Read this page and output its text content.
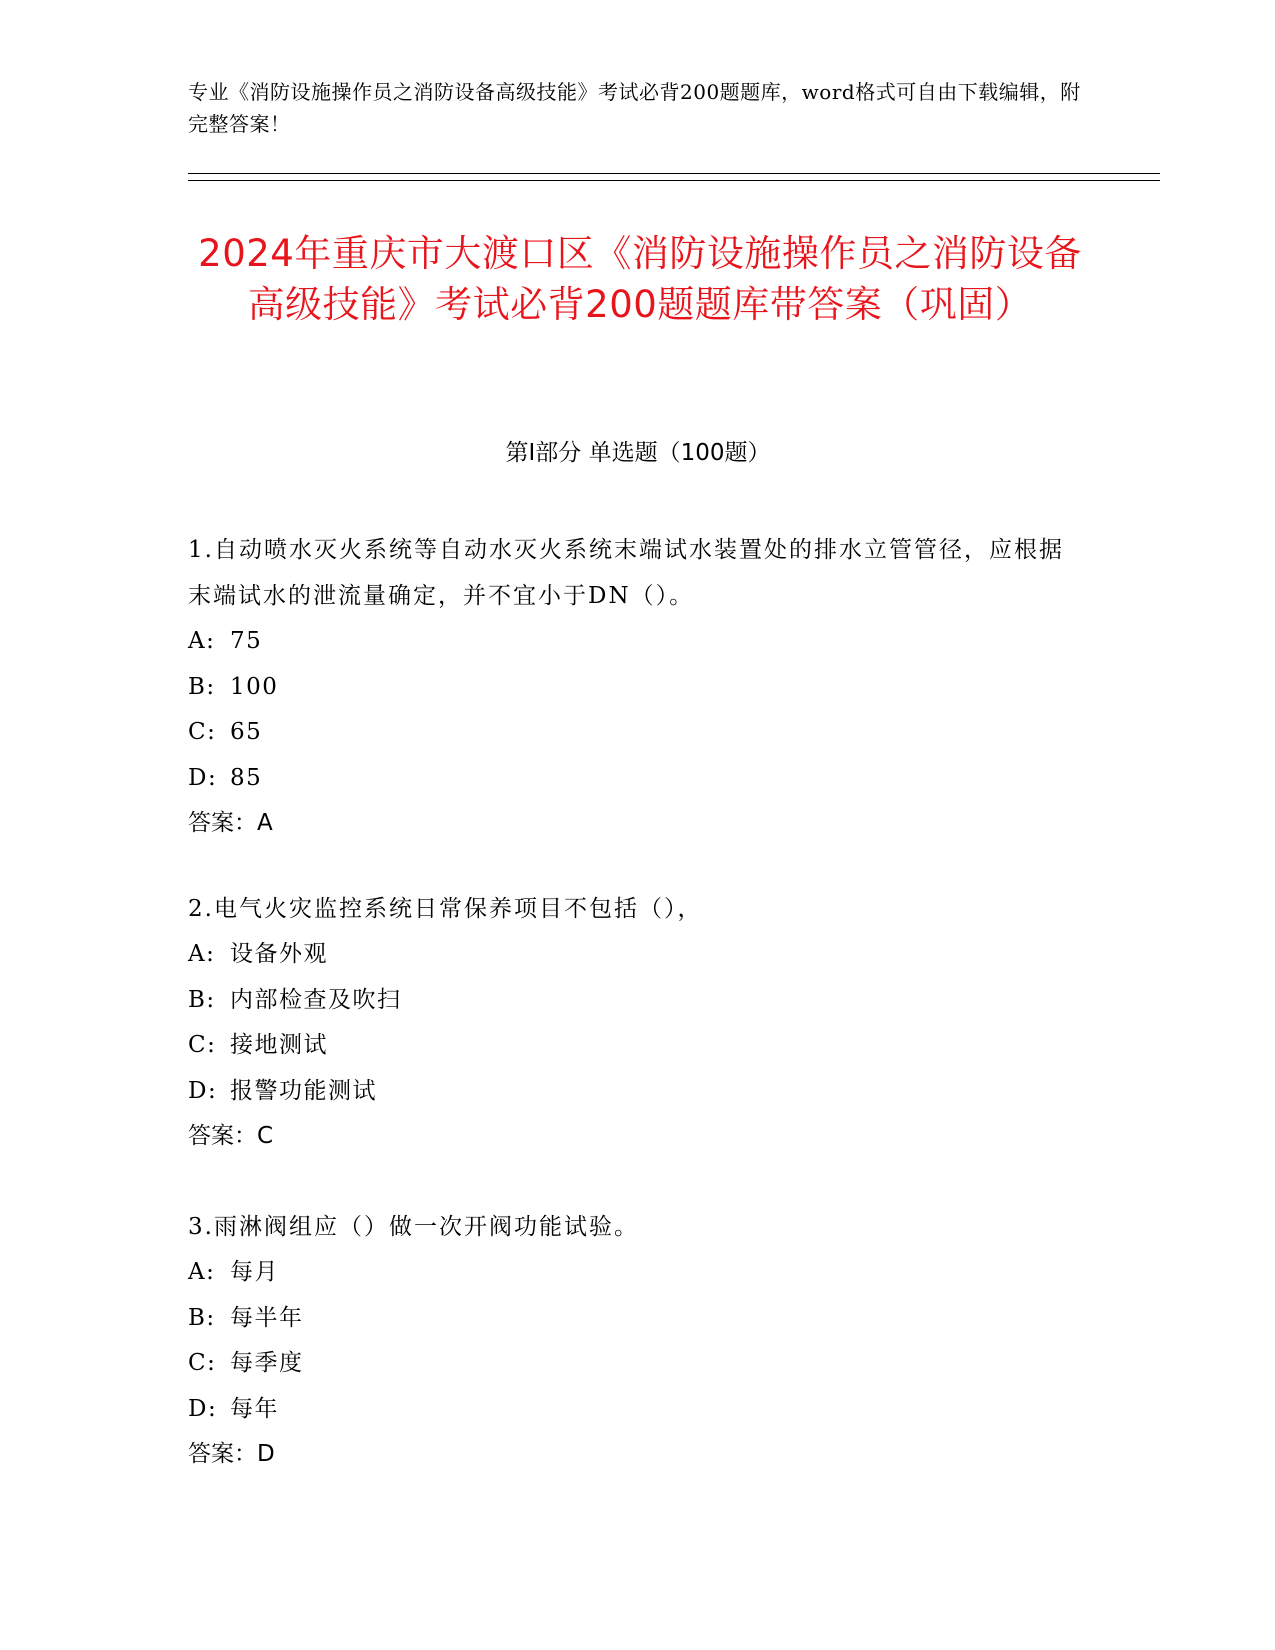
专业《消防设施操作员之消防设备高级技能》考试必背200题题库，word格式可自由下载编辑，附完整答案！
2024年重庆市大渡口区《消防设施操作员之消防设备高级技能》考试必背200题题库带答案（巩固）
第I部分 单选题（100题）

1.自动喷水灭火系统等自动水灭火系统末端试水装置处的排水立管管径，应根据末端试水的泄流量确定，并不宜小于DN（）。

A: 75

B: 100

C: 65

D: 85

答案：A

2.电气火灾监控系统日常保养项目不包括（），

A: 设备外观

B: 内部检查及吹扫

C: 接地测试

D: 报警功能测试

答案：C

3.雨淋阀组应（）做一次开阀功能试验。

A: 每月

B: 每半年

C: 每季度

D: 每年

答案：D
